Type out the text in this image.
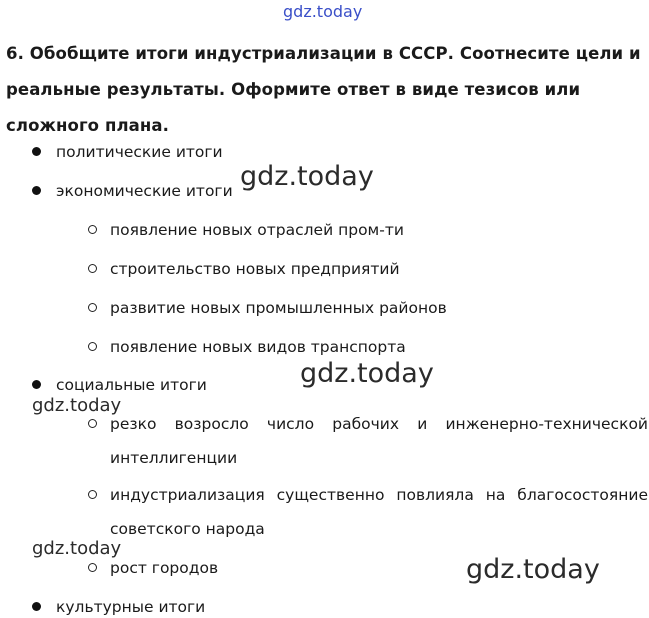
gdz.today
6. Обобщите итоги индустриализации в СССР. Соотнесите цели и реальные результаты. Оформите ответ в виде тезисов или сложного плана.
политические итоги
экономические итоги gdz.today
появление новых отраслей пром-ти
строительство новых предприятий
развитие новых промышленных районов
появление новых видов транспорта
gdz.today
социальные итоги
gdz.today
резко возросло число рабочих и инженерно-технической интеллигенции
индустриализация существенно повлияла на благосостояние советского народа
gdz.today
рост городов	gdz.today
культурные итоги
